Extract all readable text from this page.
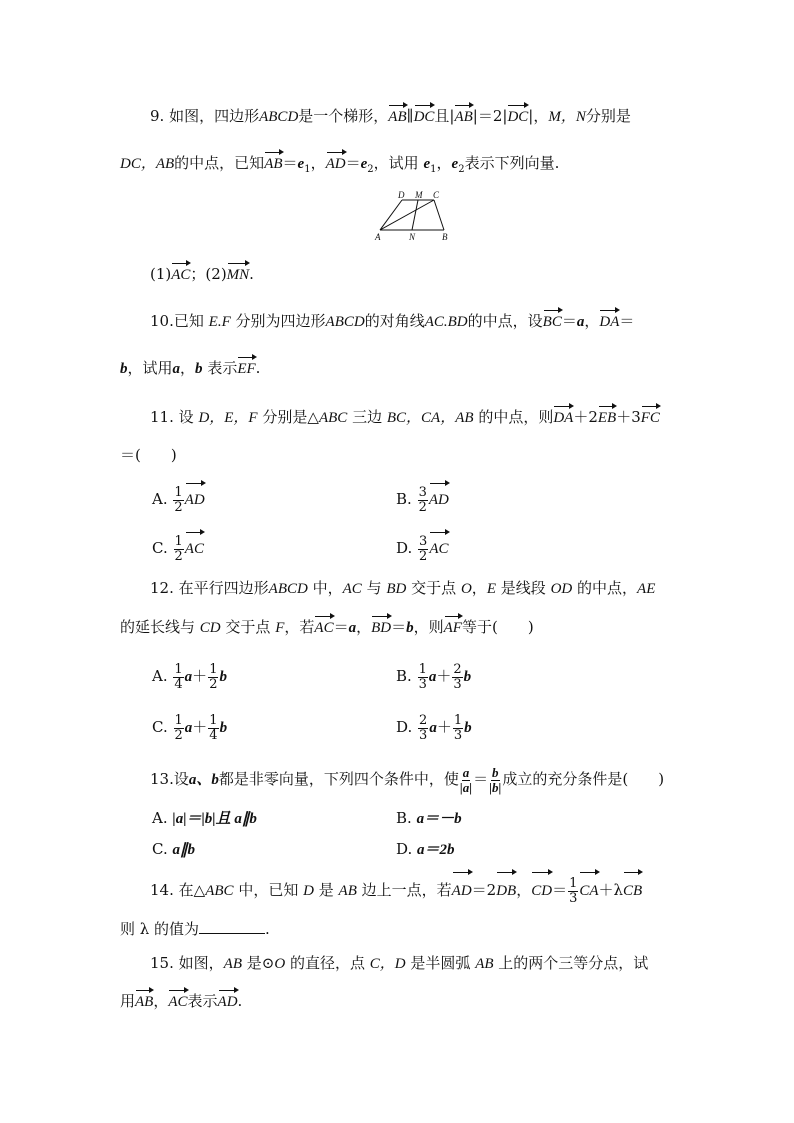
9. 如图，四边形ABCD是一个梯形，AB∥DC且|AB|＝2|DC|，M，N分别是
DC，AB的中点，已知$AB=e_1$，$AD=e_2$，试用 $e_1$，$e_2$表示下列向量.
D M C
A	N	B
(1)AC；(2)MN.
10.已知 E.F 分别为四边形ABCD的对角线AC.BD的中点，设BC＝a，DA＝
b，试用a，b 表示EF.
11. 设 D，E，F 分别是△ABC 三边 BC，CA，AB 的中点，则DA＋2EB＋3FC
＝(　　)
A. $\frac{1}{2}$ AD	B. $\frac{3}{2}$ AD
C. $\frac{1}{2}$ AC	D. $\frac{3}{2}$ AC
12. 在平行四边形ABCD 中，AC 与 BD 交于点 O，E 是线段 OD 的中点，AE
的延长线与 CD 交于点 F，若AC＝a，BD＝b，则AF等于(　　)
A. $\frac{1}{4} a+ \frac{1}{2}$ b	B. $\frac{1}{3} a+ \frac{2}{3}$ b
C. $\frac{1}{2} a+ \frac{1}{4}$ b	D. $\frac{2}{3} a+ \frac{1}{3}$ b
13.设a、b都是非零向量，下列四个条件中，使 $\frac{a}{|a|} = \frac{b}{|b|}$ 成立的充分条件是(　　)
A. |a|＝|b|且 a∥b	B. a＝－b
C. a∥b	D. a＝2b
14. 在△ABC 中，已知 D 是 AB 边上一点，若AD＝2DB，$CD= \frac{1}{3} CA+\lambda CB$
则 λ 的值为	.
15. 如图，AB 是⊙O 的直径，点 C，D 是半圆弧 AB 上的两个三等分点，试
用AB，AC表示AD.
